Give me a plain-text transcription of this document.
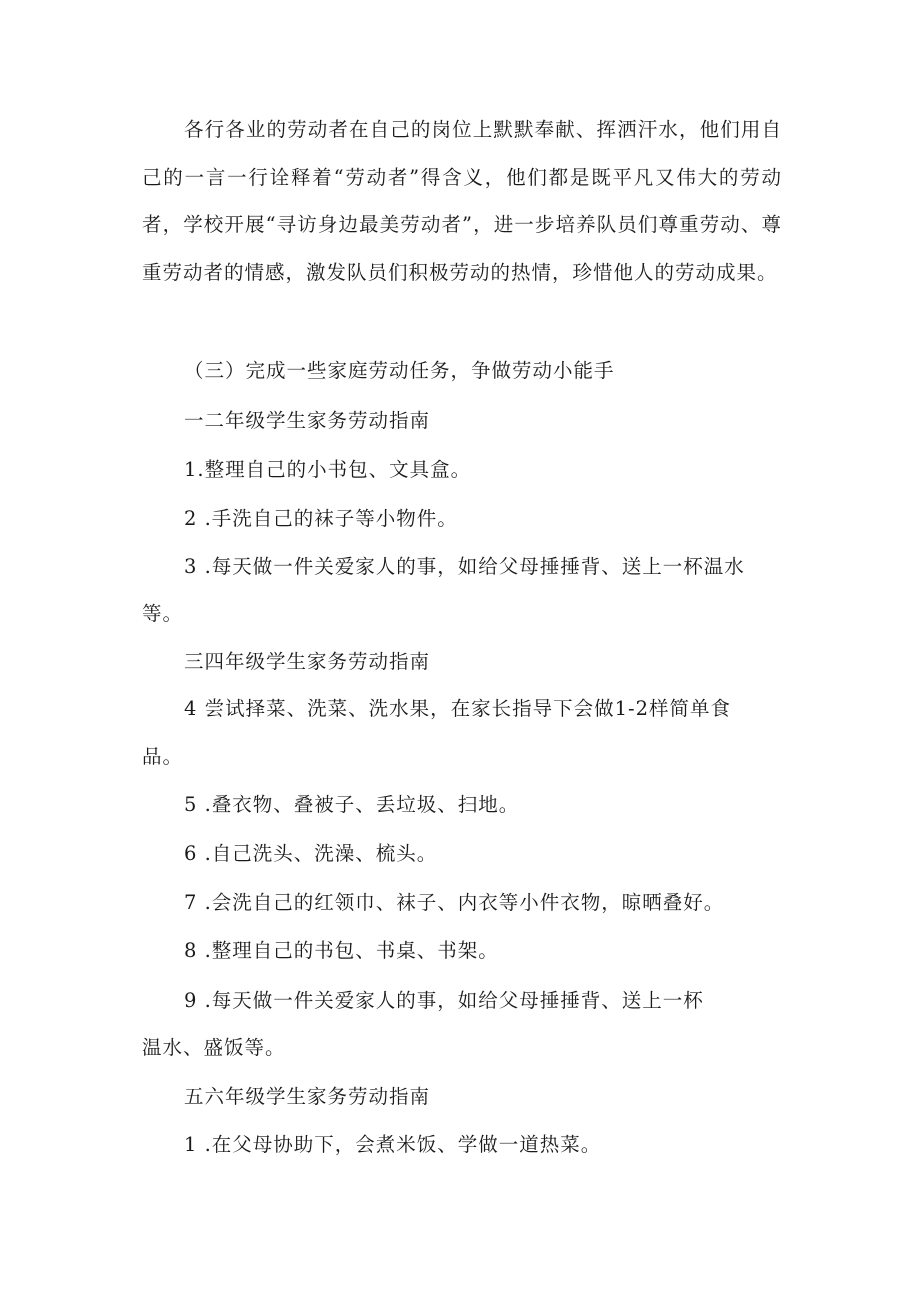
各行各业的劳动者在自己的岗位上默默奉献、挥洒汗水，他们用自己的一言一行诠释着“劳动者”得含义，他们都是既平凡又伟大的劳动者，学校开展“寻访身边最美劳动者”，进一步培养队员们尊重劳动、尊重劳动者的情感，激发队员们积极劳动的热情，珍惜他人的劳动成果。

（三）完成一些家庭劳动任务，争做劳动小能手
一二年级学生家务劳动指南
1.整理自己的小书包、文具盒。
2 .手洗自己的袜子等小物件。
3 .每天做一件关爱家人的事，如给父母捶捶背、送上一杯温水
等。
三四年级学生家务劳动指南
4 尝试择菜、洗菜、洗水果，在家长指导下会做1-2样简单食
品。
5 .叠衣物、叠被子、丢垃圾、扫地。
6 .自己洗头、洗澡、梳头。
7 .会洗自己的红领巾、袜子、内衣等小件衣物，晾晒叠好。
8 .整理自己的书包、书桌、书架。
9 .每天做一件关爱家人的事，如给父母捶捶背、送上一杯
温水、盛饭等。
五六年级学生家务劳动指南
1 .在父母协助下，会煮米饭、学做一道热菜。
